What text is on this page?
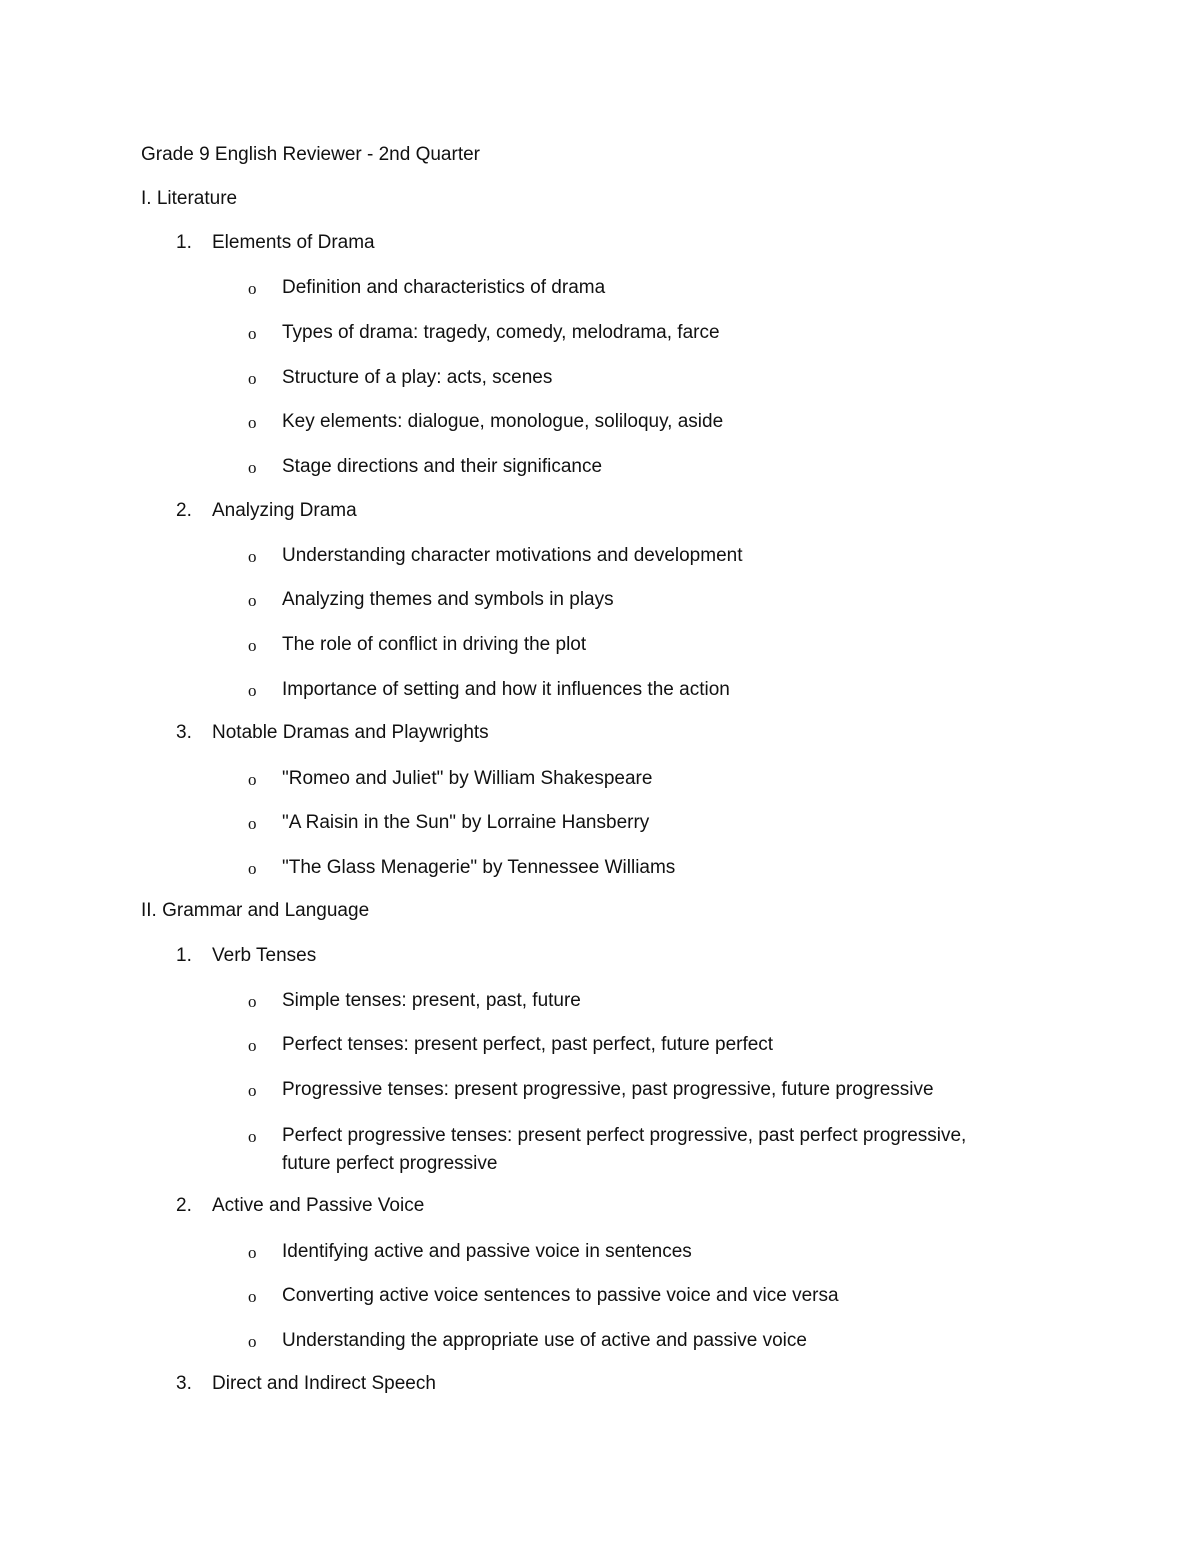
Grade 9 English Reviewer - 2nd Quarter
I. Literature
1. Elements of Drama
o Definition and characteristics of drama
o Types of drama: tragedy, comedy, melodrama, farce
o Structure of a play: acts, scenes
o Key elements: dialogue, monologue, soliloquy, aside
o Stage directions and their significance
2. Analyzing Drama
o Understanding character motivations and development
o Analyzing themes and symbols in plays
o The role of conflict in driving the plot
o Importance of setting and how it influences the action
3. Notable Dramas and Playwrights
o "Romeo and Juliet" by William Shakespeare
o "A Raisin in the Sun" by Lorraine Hansberry
o "The Glass Menagerie" by Tennessee Williams
II. Grammar and Language
1. Verb Tenses
o Simple tenses: present, past, future
o Perfect tenses: present perfect, past perfect, future perfect
o Progressive tenses: present progressive, past progressive, future progressive
o Perfect progressive tenses: present perfect progressive, past perfect progressive,
future perfect progressive
2. Active and Passive Voice
o Identifying active and passive voice in sentences
o Converting active voice sentences to passive voice and vice versa
o Understanding the appropriate use of active and passive voice
3. Direct and Indirect Speech
